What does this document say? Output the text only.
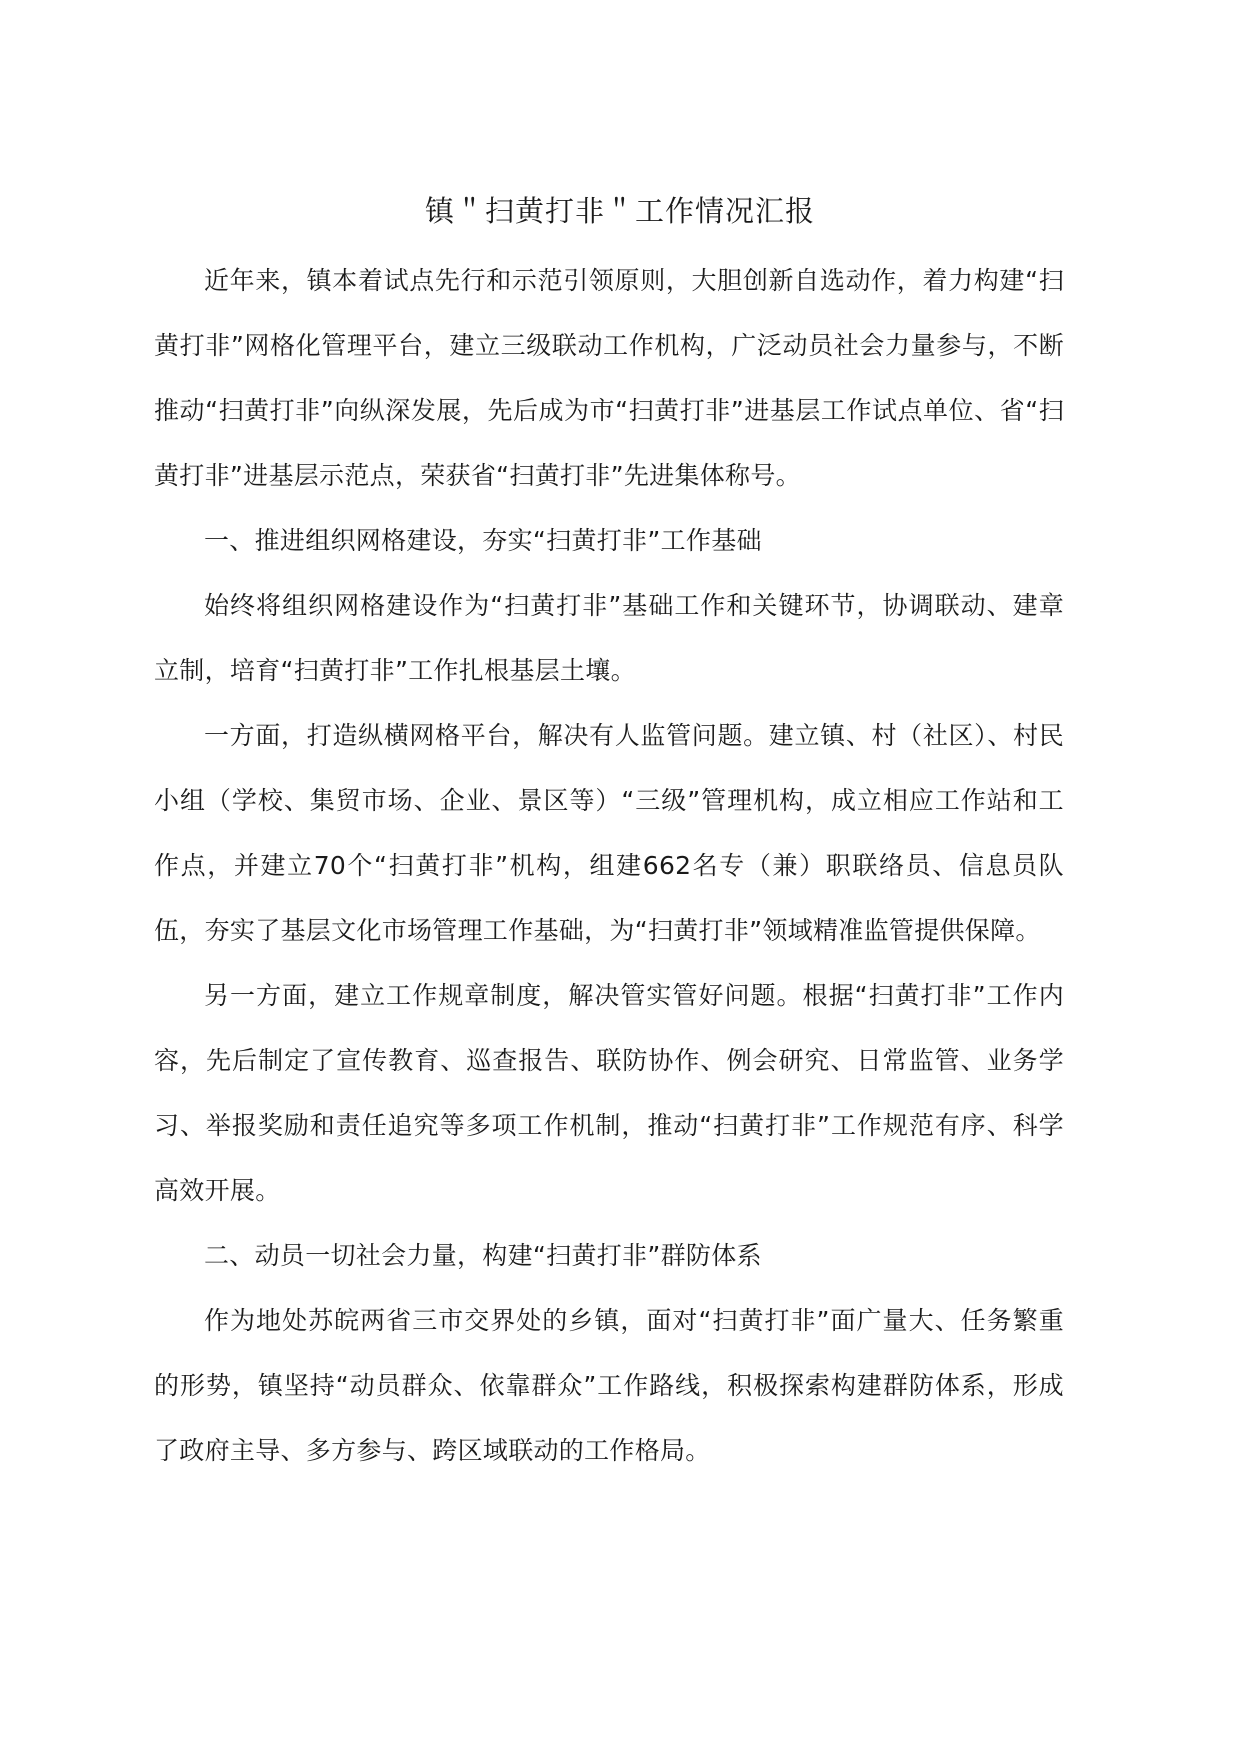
镇＂扫黄打非＂工作情况汇报

近年来，镇本着试点先行和示范引领原则，大胆创新自选动作，着力构建“扫黄打非”网格化管理平台，建立三级联动工作机构，广泛动员社会力量参与，不断推动“扫黄打非”向纵深发展，先后成为市“扫黄打非”进基层工作试点单位、省“扫黄打非”进基层示范点，荣获省“扫黄打非”先进集体称号。

一、推进组织网格建设，夯实“扫黄打非”工作基础

始终将组织网格建设作为“扫黄打非”基础工作和关键环节，协调联动、建章立制，培育“扫黄打非”工作扎根基层土壤。

一方面，打造纵横网格平台，解决有人监管问题。建立镇、村（社区）、村民小组（学校、集贸市场、企业、景区等）“三级”管理机构，成立相应工作站和工作点，并建立70个“扫黄打非”机构，组建662名专（兼）职联络员、信息员队伍，夯实了基层文化市场管理工作基础，为“扫黄打非”领域精准监管提供保障。

另一方面，建立工作规章制度，解决管实管好问题。根据“扫黄打非”工作内容，先后制定了宣传教育、巡查报告、联防协作、例会研究、日常监管、业务学习、举报奖励和责任追究等多项工作机制，推动“扫黄打非”工作规范有序、科学高效开展。

二、动员一切社会力量，构建“扫黄打非”群防体系

作为地处苏皖两省三市交界处的乡镇，面对“扫黄打非”面广量大、任务繁重的形势，镇坚持“动员群众、依靠群众”工作路线，积极探索构建群防体系，形成了政府主导、多方参与、跨区域联动的工作格局。
